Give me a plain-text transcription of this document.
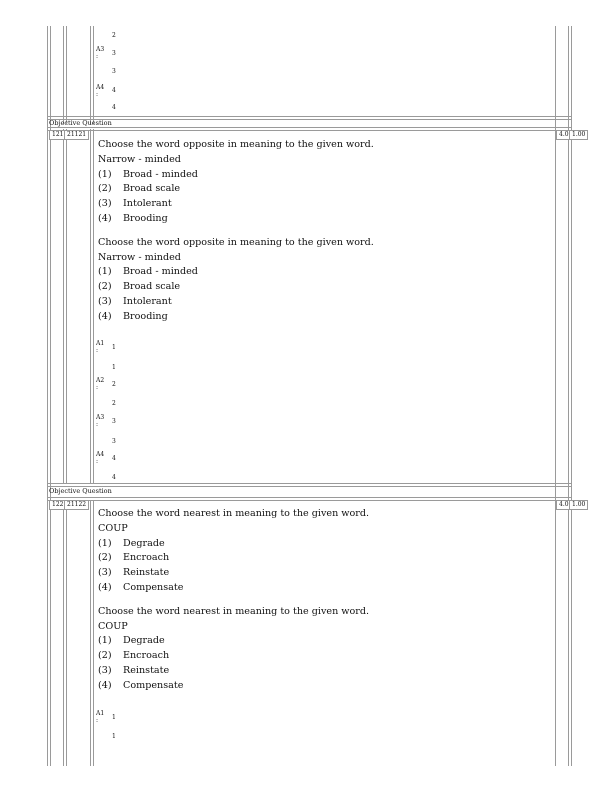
2
A3
: 3
3
A4
:
4
4
Objective Question
121 21121	4.0 1.00
Choose the word opposite in meaning to the given word.
Narrow - minded
(1) Broad - minded
(2) Broad scale
(3) Intolerant
(4) Brooding
Choose the word opposite in meaning to the given word.
Narrow - minded
(1) Broad - minded
(2) Broad scale
(3) Intolerant
(4) Brooding
A1
: 1
1
A2
: 2
2
A3
: 3
3
A4
: 4
4
Objective Question
122 21122	4.0 1.00
Choose the word nearest in meaning to the given word.
COUP
(1) Degrade
(2) Encroach
(3) Reinstate
(4) Compensate
Choose the word nearest in meaning to the given word.
COUP
(1) Degrade
(2) Encroach
(3) Reinstate
(4) Compensate
A1
: 1
1
